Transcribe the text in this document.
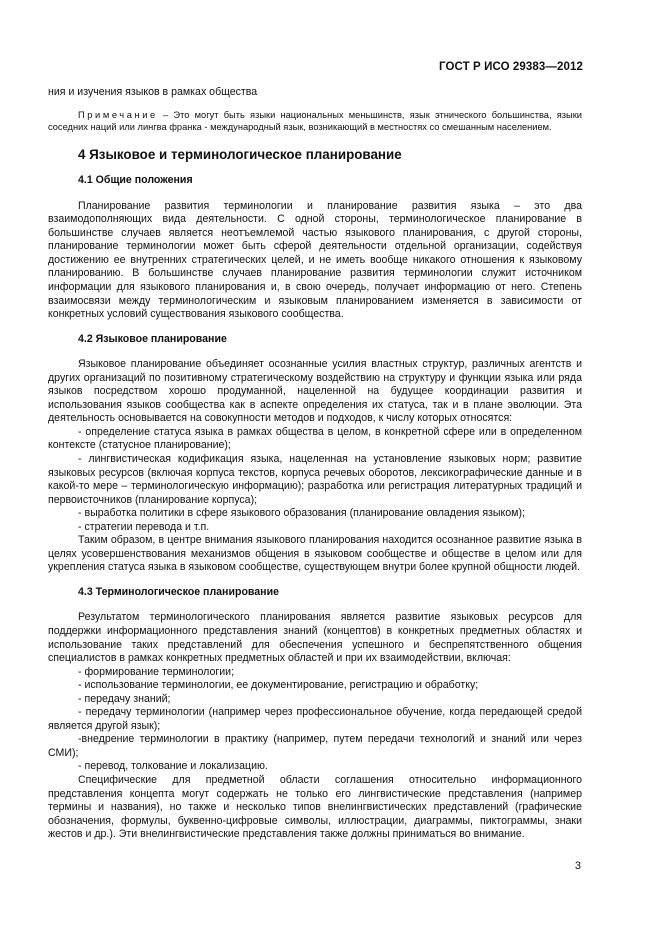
ГОСТ Р ИСО 29383—2012

ния и изучения языков в рамках общества

Примечание – Это могут быть языки национальных меньшинств, язык этнического большинства, языки соседних наций или лингва франка - международный язык, возникающий в местностях со смешанным населением.

4 Языковое и терминологическое планирование

4.1 Общие положения

Планирование развития терминологии и планирование развития языка – это два взаимодополняющих вида деятельности. С одной стороны, терминологическое планирование в большинстве случаев является неотъемлемой частью языкового планирования, с другой стороны, планирование терминологии может быть сферой деятельности отдельной организации, содействуя достижению ее внутренних стратегических целей, и не иметь вообще никакого отношения к языковому планированию. В большинстве случаев планирование развития терминологии служит источником информации для языкового планирования и, в свою очередь, получает информацию от него. Степень взаимосвязи между терминологическим и языковым планированием изменяется в зависимости от конкретных условий существования языкового сообщества.

4.2 Языковое планирование

Языковое планирование объединяет осознанные усилия властных структур, различных агентств и других организаций по позитивному стратегическому воздействию на структуру и функции языка или ряда языков посредством хорошо продуманной, нацеленной на будущее координации развития и использования языков сообщества как в аспекте определения их статуса, так и в плане эволюции. Эта деятельность основывается на совокупности методов и подходов, к числу которых относятся:

- определение статуса языка в рамках общества в целом, в конкретной сфере или в определенном контексте (статусное планирование);

- лингвистическая кодификация языка, нацеленная на установление языковых норм; развитие языковых ресурсов (включая корпуса текстов, корпуса речевых оборотов, лексикографические данные и в какой-то мере – терминологическую информацию); разработка или регистрация литературных традиций и первоисточников (планирование корпуса);

- выработка политики в сфере языкового образования (планирование овладения языком);

- стратегии перевода и т.п.

Таким образом, в центре внимания языкового планирования находится осознанное развитие языка в целях усовершенствования механизмов общения в языковом сообществе и обществе в целом или для укрепления статуса языка в языковом сообществе, существующем внутри более крупной общности людей.

4.3 Терминологическое планирование

Результатом терминологического планирования является развитие языковых ресурсов для поддержки информационного представления знаний (концептов) в конкретных предметных областях и использование таких представлений для обеспечения успешного и беспрепятственного общения специалистов в рамках конкретных предметных областей и при их взаимодействии, включая:

- формирование терминологии;

- использование терминологии, ее документирование, регистрацию и обработку;

- передачу знаний;

- передачу терминологии (например через профессиональное обучение, когда передающей средой является другой язык);

-внедрение терминологии в практику (например, путем передачи технологий и знаний или через СМИ);

- перевод, толкование и локализацию.

Специфические для предметной области соглашения относительно информационного представления концепта могут содержать не только его лингвистические представления (например термины и названия), но также и несколько типов внелингвистических представлений (графические обозначения, формулы, буквенно-цифровые символы, иллюстрации, диаграммы, пиктограммы, знаки жестов и др.). Эти внелингвистические представления также должны приниматься во внимание.

3
